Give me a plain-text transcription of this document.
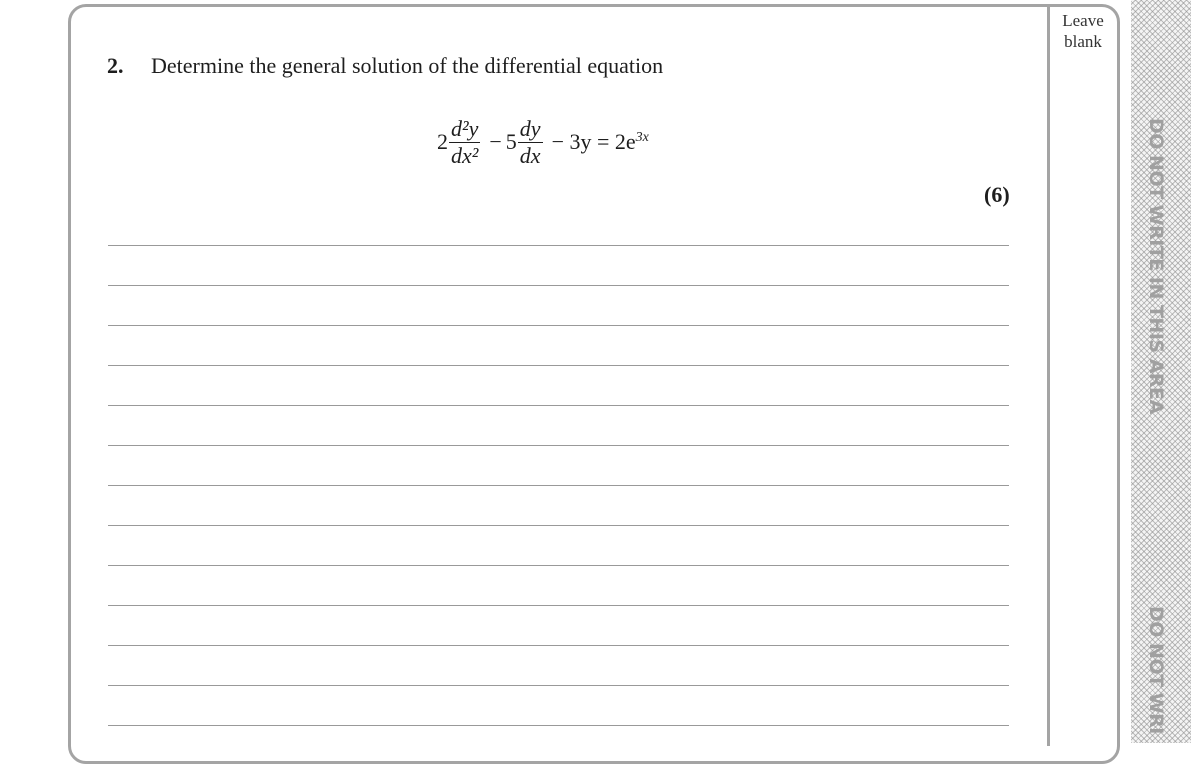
Leave
blank
DO NOT WRITE IN THIS AREA
DO NOT WRI
2. Determine the general solution of the differential equation
$2 \frac{\text{d²y}}{\text{dx²}} - 5 \frac{dy}{dx} - 3y = 2e^{3x}$
(6)
